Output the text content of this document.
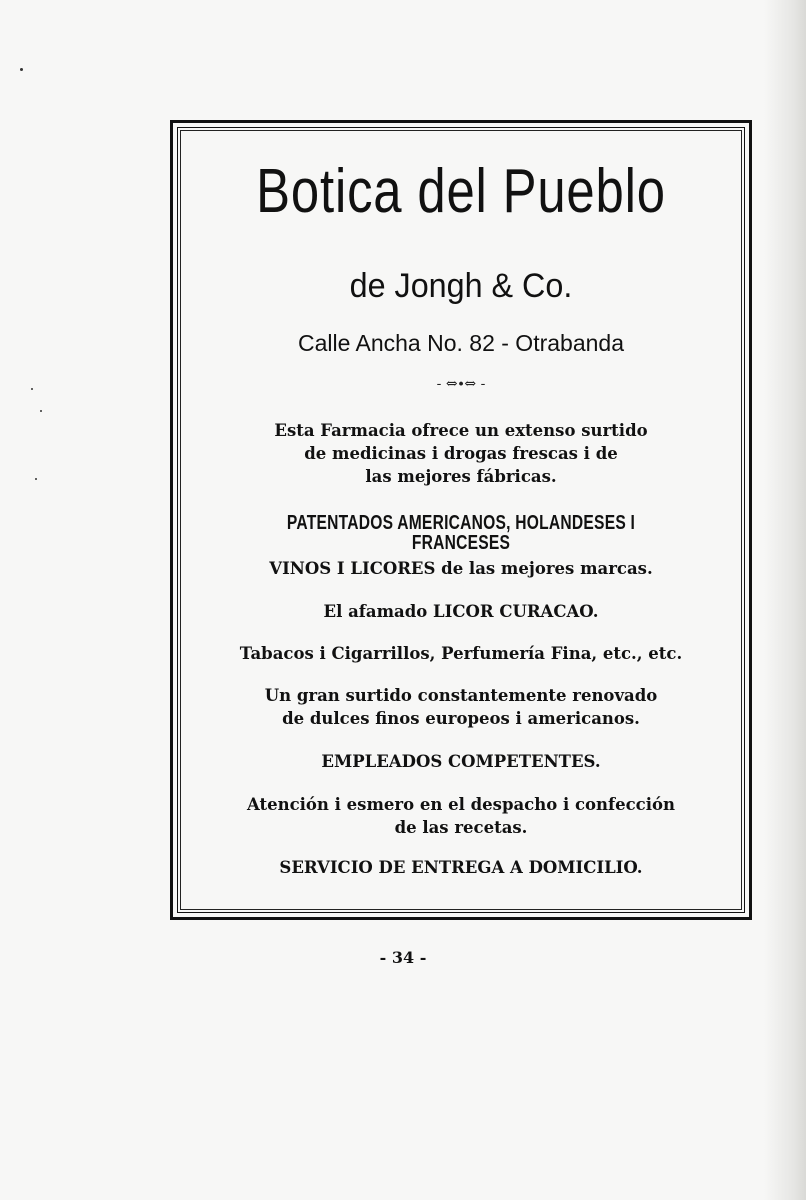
Botica del Pueblo
de Jongh & Co.
Calle Ancha No. 82 - Otrabanda
- ⇔∙⇔ -
Esta Farmacia ofrece un extenso surtido
de medicinas i drogas frescas i de
las mejores fábricas.
PATENTADOS AMERICANOS, HOLANDESES I FRANCESES
VINOS I LICORES de las mejores marcas.
El afamado LICOR CURACAO.
Tabacos i Cigarrillos, Perfumería Fina, etc., etc.
Un gran surtido constantemente renovado
de dulces finos europeos i americanos.
EMPLEADOS COMPETENTES.
Atención i esmero en el despacho i confección
de las recetas.
SERVICIO DE ENTREGA A DOMICILIO.
- 34 -
